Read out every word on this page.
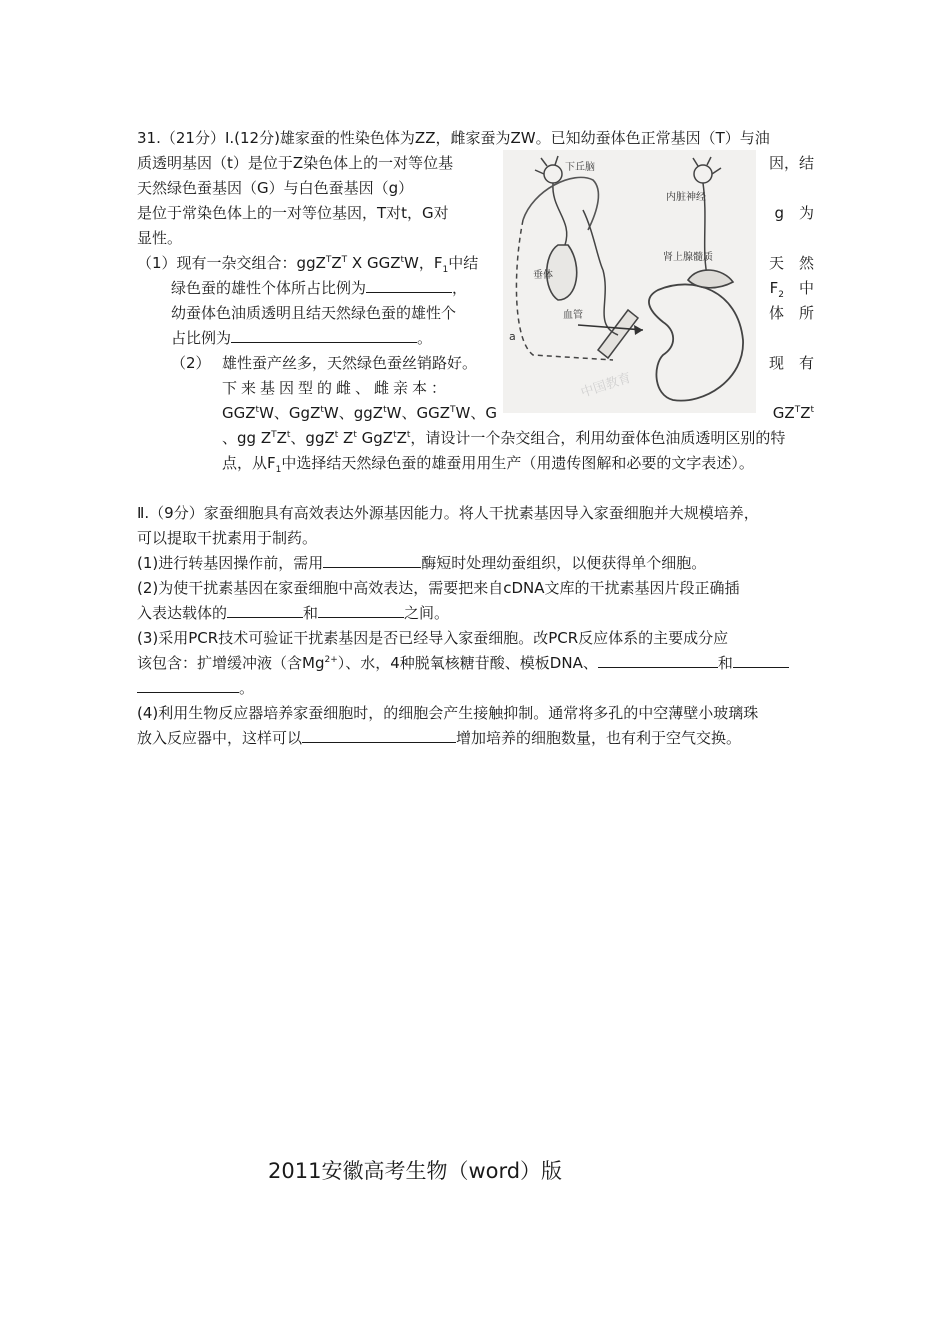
31.（21分）Ⅰ.(12分)雄家蚕的性染色体为ZZ，雌家蚕为ZW。已知幼蚕体色正常基因（T）与油
质透明基因（t）是位于Z染色体上的一对等位基	因，结
天然绿色蚕基因（G）与白色蚕基因（g）
是位于常染色体上的一对等位基因，T对t，G对	g　为
显性。
（1）现有一杂交组合：$ggZ^TZ^T$ X GGZ$^t$W，$F_1$中结	天　然
绿色蚕的雄性个体所占比例为	，	$F_2$　 中
幼蚕体色油质透明且结天然绿色蚕的雄性个	体　所
占比例为	。
（2） 雄性蚕产丝多，天然绿色蚕丝销路好。	现　有
下来基因型的雌、雌亲本：
GGZ$^t$W、GgZ$^t$W、ggZ$^t$W、$GGZ^TW$、G	$GZ^TZ^t$
、gg $Z^TZ^t$、ggZ$^t$ $Z^t$ $GgZ^tZ^t$，请设计一个杂交组合，利用幼蚕体色油质透明区别的特
点，从$F_1$中选择结天然绿色蚕的雄蚕用用生产（用遗传图解和必要的文字表述）。
下丘脑
垂体
内脏神经
肾上腺髓质
血管
a
中国教育
Ⅱ.（9分）家蚕细胞具有高效表达外源基因能力。将人干扰素基因导入家蚕细胞并大规模培养，
可以提取干扰素用于制药。
(1)进行转基因操作前，需用	酶短时处理幼蚕组织，以便获得单个细胞。
(2)为使干扰素基因在家蚕细胞中高效表达，需要把来自cDNA文库的干扰素基因片段正确插
入表达载体的	和	之间。
(3)采用PCR技术可验证干扰素基因是否已经导入家蚕细胞。改PCR反应体系的主要成分应
该包含：扩增缓冲液（含$Mg^{2+}$）、水，4种脱氧核糖苷酸、模板DNA、	和
。
(4)利用生物反应器培养家蚕细胞时，的细胞会产生接触抑制。通常将多孔的中空薄壁小玻璃珠
放入反应器中，这样可以	增加培养的细胞数量，也有利于空气交换。
2011安徽高考生物（word）版
